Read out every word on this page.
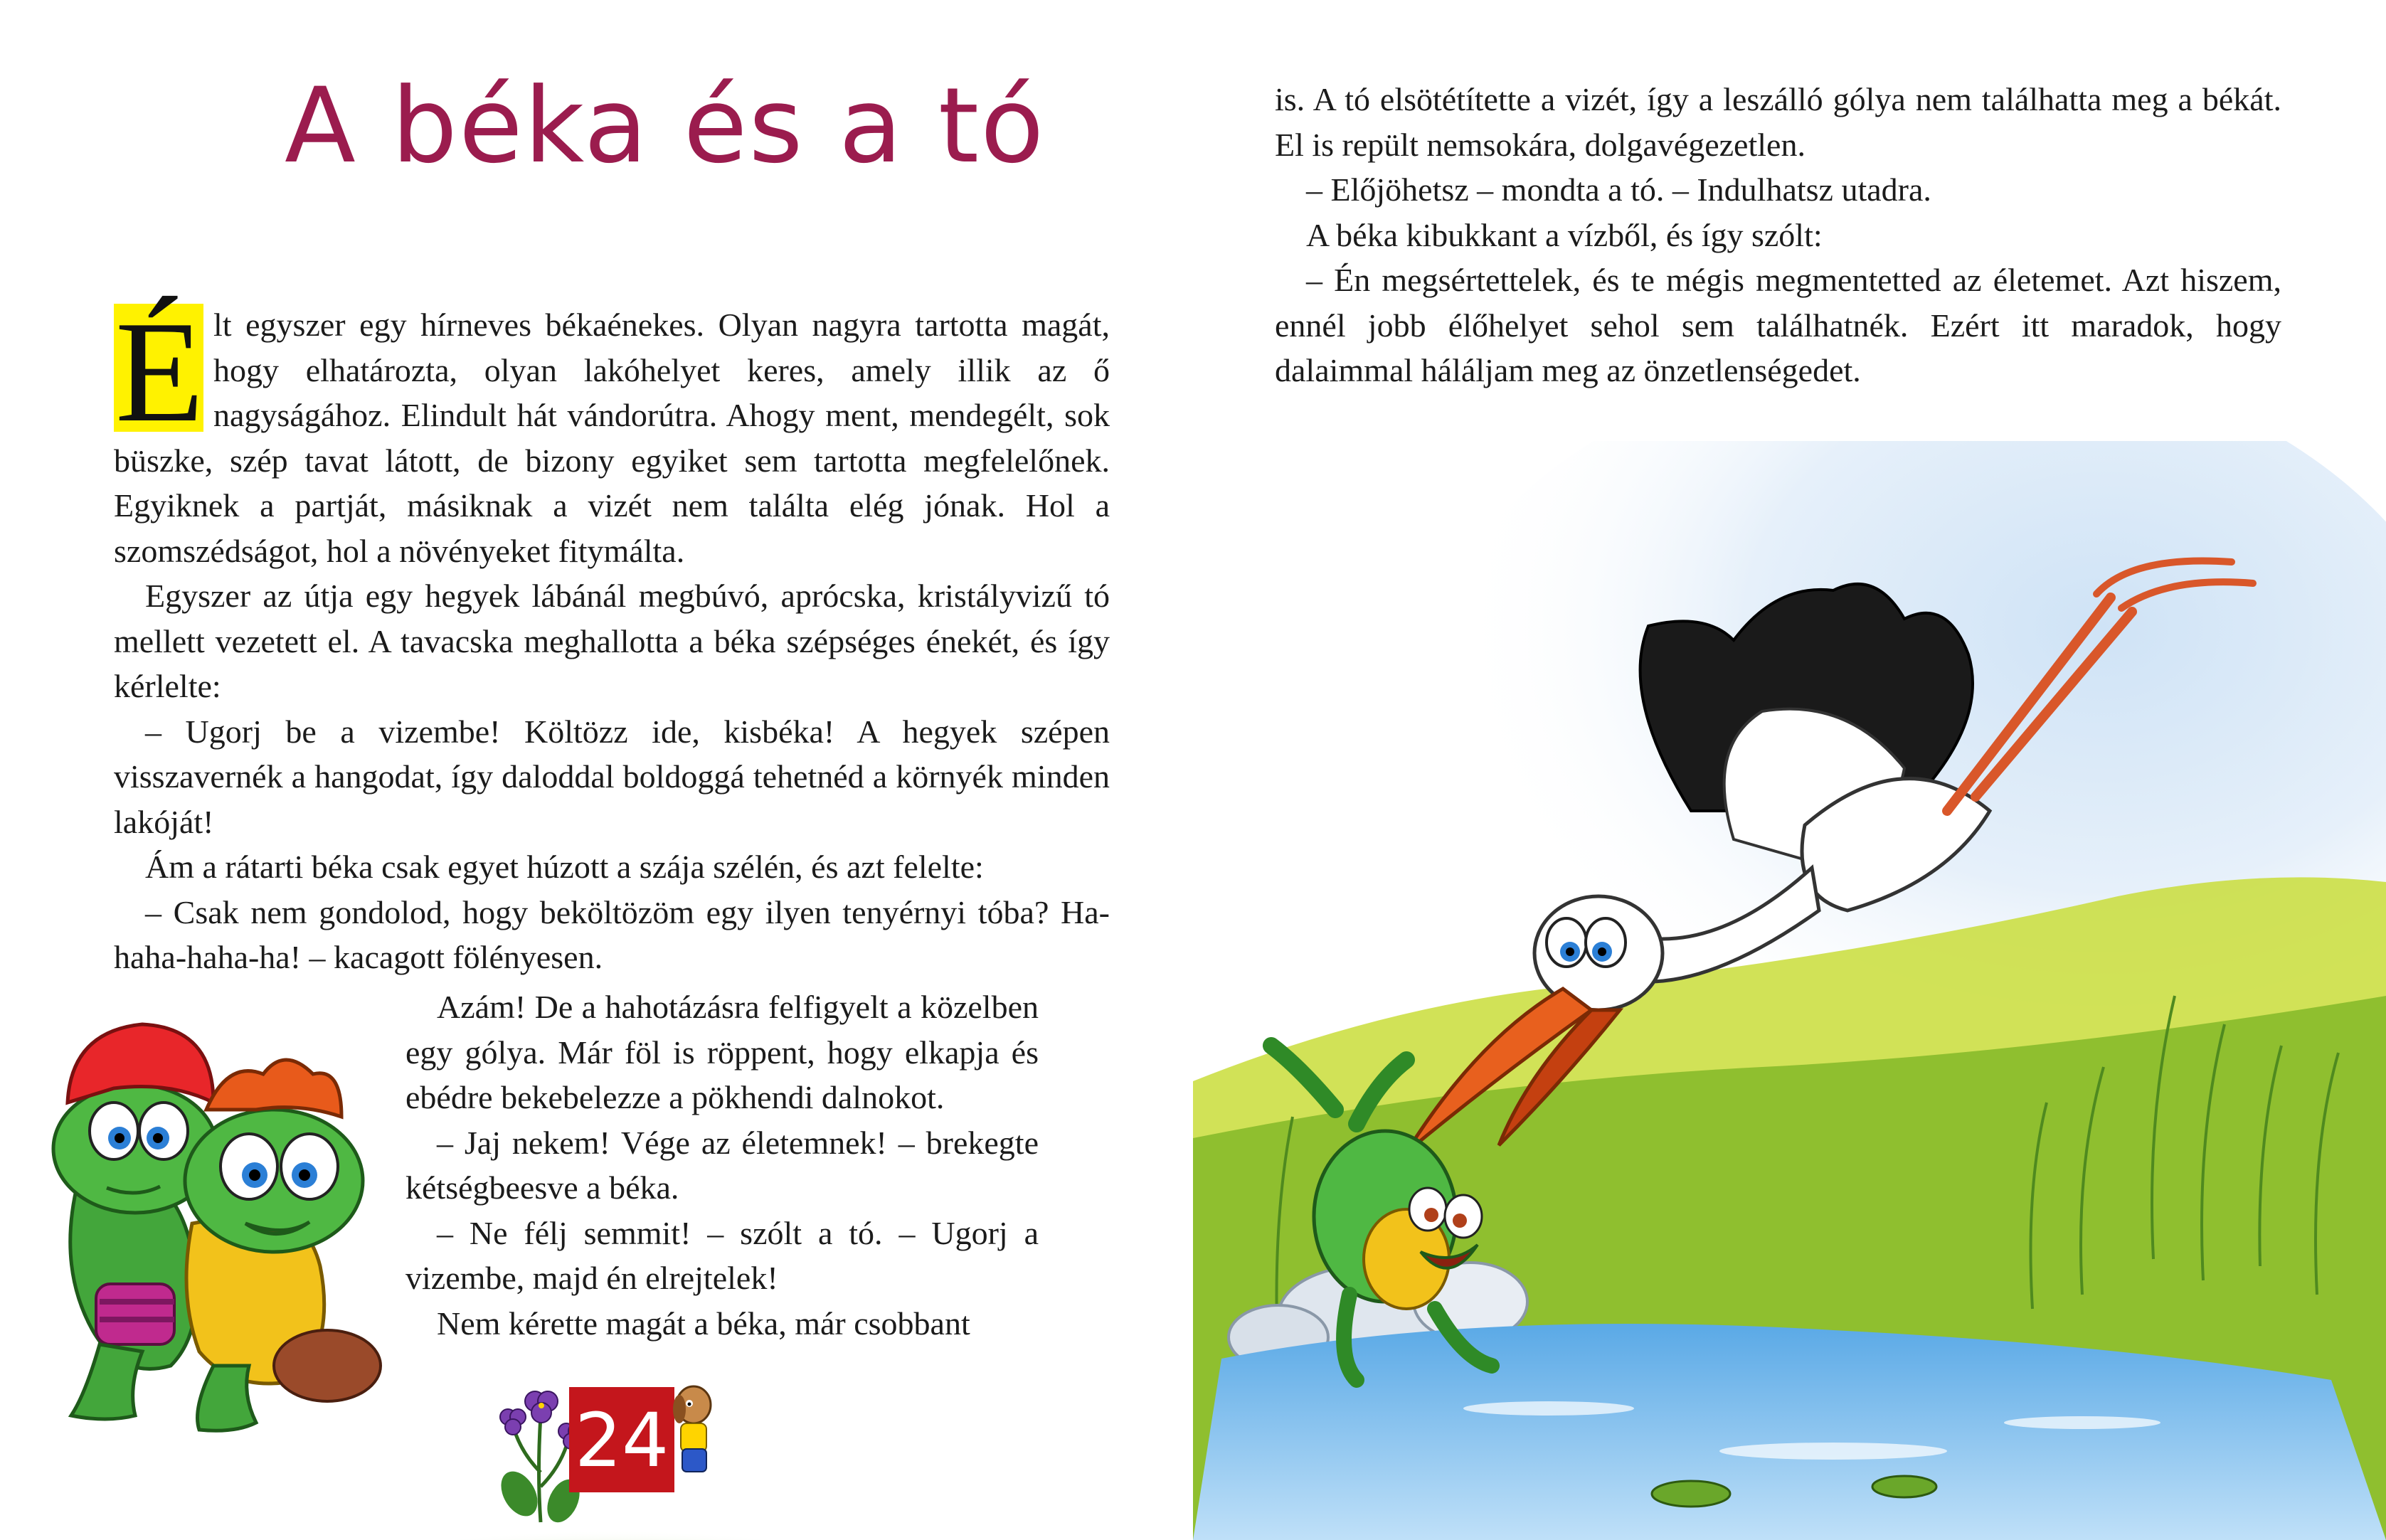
A béka és a tó

É lt egyszer egy hírneves békaénekes. Olyan nagyra tartotta magát, hogy elhatározta, olyan lakóhelyet keres, amely illik az ő nagyságához. Elindult hát vándorútra. Ahogy ment, mendegélt, sok büszke, szép tavat látott, de bizony egyiket sem tartotta megfelelőnek. Egyiknek a partját, másiknak a vizét nem találta elég jónak. Hol a szomszédságot, hol a növényeket fitymálta.

Egyszer az útja egy hegyek lábánál megbúvó, aprócska, kristályvizű tó mellett vezetett el. A tavacska meghallotta a béka szépséges énekét, és így kérlelte:

– Ugorj be a vizembe! Költözz ide, kisbéka! A hegyek szépen visszavernék a hangodat, így daloddal boldoggá tehetnéd a környék minden lakóját!

Ám a rátarti béka csak egyet húzott a szája szélén, és azt felelte:

– Csak nem gondolod, hogy beköltözöm egy ilyen tenyérnyi tóba? Ha-haha-haha-ha! – kacagott fölényesen.

Azám! De a hahotázásra felfigyelt a közelben egy gólya. Már föl is röppent, hogy elkapja és ebédre bekebelezze a pökhendi dalnokot.

– Jaj nekem! Vége az életemnek! – brekegte kétségbeesve a béka.

– Ne félj semmit! – szólt a tó. – Ugorj a vizembe, majd én elrejtelek!

Nem kérette magát a béka, már csobbant

24

is. A tó elsötétítette a vizét, így a leszálló gólya nem találhatta meg a békát. El is repült nemsokára, dolgavégezetlen.

– Előjöhetsz – mondta a tó. – Indulhatsz utadra.

A béka kibukkant a vízből, és így szólt:

– Én megsértettelek, és te mégis megmentetted az életemet. Azt hiszem, ennél jobb élőhelyet sehol sem találhatnék. Ezért itt maradok, hogy dalaimmal háláljam meg az önzetlenségedet.
